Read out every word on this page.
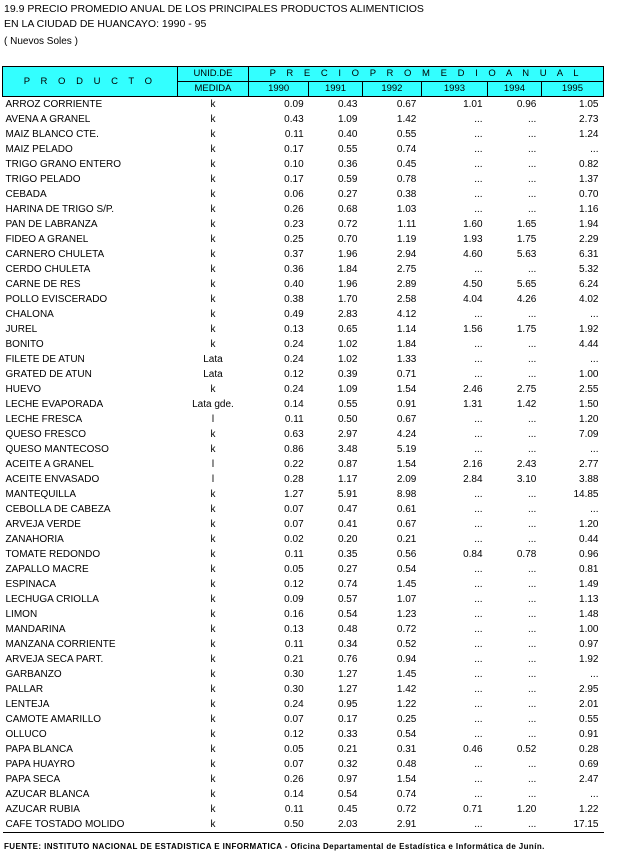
19.9 PRECIO PROMEDIO ANUAL DE LOS PRINCIPALES PRODUCTOS ALIMENTICIOS
EN LA CIUDAD DE HUANCAYO: 1990 - 95
( Nuevos Soles )
P R O D U C T O	UNID.DE	P R E C I O P R O M E D I O A N U A L					
	MEDIDA	1990	1991	1992	1993	1994	1995
ARROZ CORRIENTE	k	0.09	0.43	0.67	1.01	0.96	1.05
AVENA A GRANEL	k	0.43	1.09	1.42	...	...	2.73
MAIZ BLANCO CTE.	k	0.11	0.40	0.55	...	...	1.24
MAIZ PELADO	k	0.17	0.55	0.74	...	...	...
TRIGO GRANO ENTERO	k	0.10	0.36	0.45	...	...	0.82
TRIGO PELADO	k	0.17	0.59	0.78	...	...	1.37
CEBADA	k	0.06	0.27	0.38	...	...	0.70
HARINA DE TRIGO S/P.	k	0.26	0.68	1.03	...	...	1.16
PAN DE LABRANZA	k	0.23	0.72	1.11	1.60	1.65	1.94
FIDEO A GRANEL	k	0.25	0.70	1.19	1.93	1.75	2.29
CARNERO CHULETA	k	0.37	1.96	2.94	4.60	5.63	6.31
CERDO CHULETA	k	0.36	1.84	2.75	...	...	5.32
CARNE DE RES	k	0.40	1.96	2.89	4.50	5.65	6.24
POLLO EVISCERADO	k	0.38	1.70	2.58	4.04	4.26	4.02
CHALONA	k	0.49	2.83	4.12	...	...	...
JUREL	k	0.13	0.65	1.14	1.56	1.75	1.92
BONITO	k	0.24	1.02	1.84	...	...	4.44
FILETE DE ATUN	Lata	0.24	1.02	1.33	...	...	...
GRATED DE ATUN	Lata	0.12	0.39	0.71	...	...	1.00
HUEVO	k	0.24	1.09	1.54	2.46	2.75	2.55
LECHE EVAPORADA	Lata gde.	0.14	0.55	0.91	1.31	1.42	1.50
LECHE FRESCA	l	0.11	0.50	0.67	...	...	1.20
QUESO FRESCO	k	0.63	2.97	4.24	...	...	7.09
QUESO MANTECOSO	k	0.86	3.48	5.19	...	...	...
ACEITE A GRANEL	l	0.22	0.87	1.54	2.16	2.43	2.77
ACEITE ENVASADO	l	0.28	1.17	2.09	2.84	3.10	3.88
MANTEQUILLA	k	1.27	5.91	8.98	...	...	14.85
CEBOLLA DE CABEZA	k	0.07	0.47	0.61	...	...	...
ARVEJA VERDE	k	0.07	0.41	0.67	...	...	1.20
ZANAHORIA	k	0.02	0.20	0.21	...	...	0.44
TOMATE REDONDO	k	0.11	0.35	0.56	0.84	0.78	0.96
ZAPALLO MACRE	k	0.05	0.27	0.54	...	...	0.81
ESPINACA	k	0.12	0.74	1.45	...	...	1.49
LECHUGA CRIOLLA	k	0.09	0.57	1.07	...	...	1.13
LIMON	k	0.16	0.54	1.23	...	...	1.48
MANDARINA	k	0.13	0.48	0.72	...	...	1.00
MANZANA CORRIENTE	k	0.11	0.34	0.52	...	...	0.97
ARVEJA SECA PART.	k	0.21	0.76	0.94	...	...	1.92
GARBANZO	k	0.30	1.27	1.45	...	...	...
PALLAR	k	0.30	1.27	1.42	...	...	2.95
LENTEJA	k	0.24	0.95	1.22	...	...	2.01
CAMOTE AMARILLO	k	0.07	0.17	0.25	...	...	0.55
OLLUCO	k	0.12	0.33	0.54	...	...	0.91
PAPA BLANCA	k	0.05	0.21	0.31	0.46	0.52	0.28
PAPA HUAYRO	k	0.07	0.32	0.48	...	...	0.69
PAPA SECA	k	0.26	0.97	1.54	...	...	2.47
AZUCAR BLANCA	k	0.14	0.54	0.74	...	...	...
AZUCAR RUBIA	k	0.11	0.45	0.72	0.71	1.20	1.22
CAFE TOSTADO MOLIDO	k	0.50	2.03	2.91	...	...	17.15
FUENTE: INSTITUTO NACIONAL DE ESTADISTICA E INFORMATICA - Oficina Departamental de Estadística e Informática de Junín.
